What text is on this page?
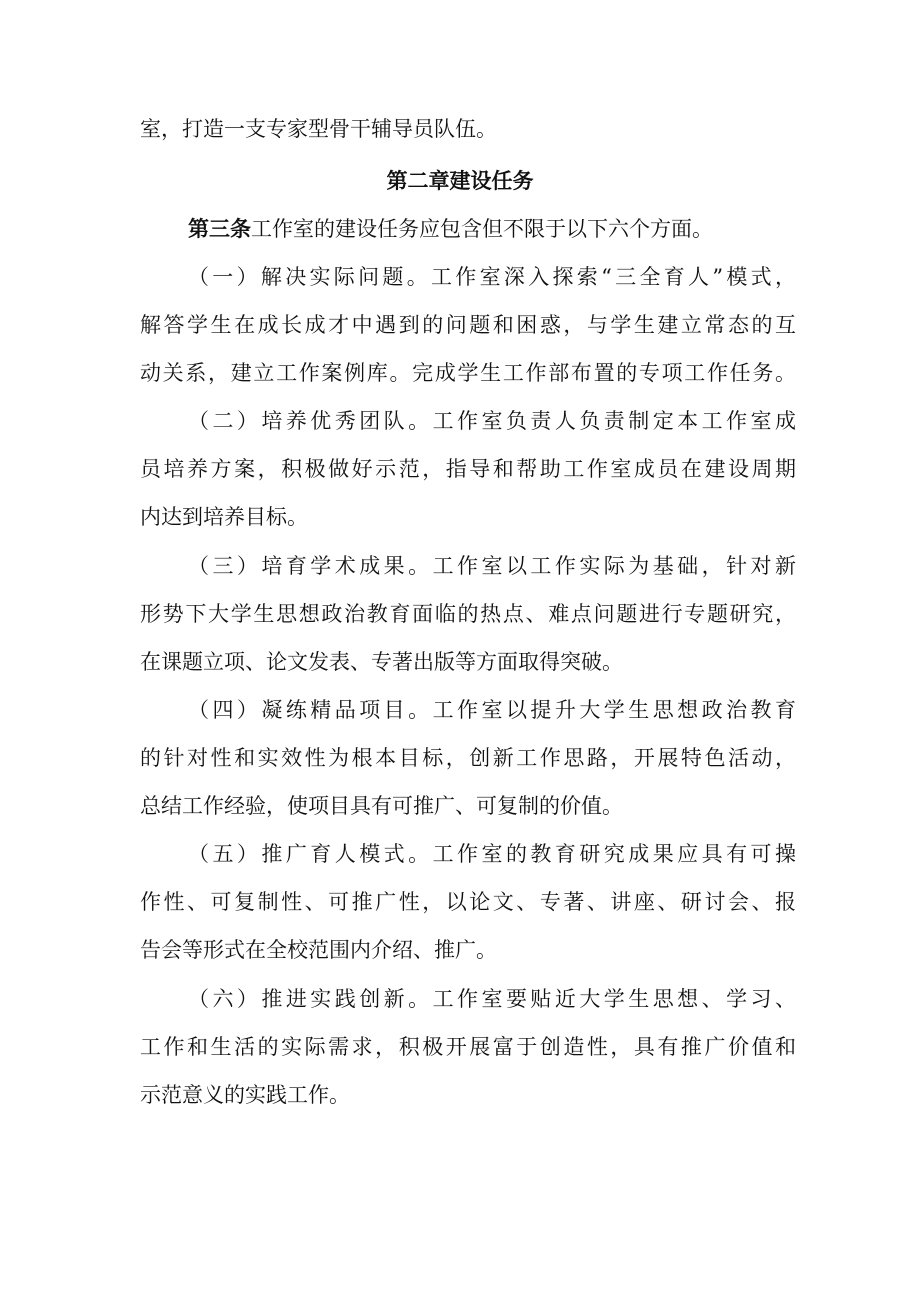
室，打造一支专家型骨干辅导员队伍。
第二章建设任务
第三条工作室的建设任务应包含但不限于以下六个方面。
（一）解决实际问题。工作室深入探索“三全育人”模式，
解答学生在成长成才中遇到的问题和困惑，与学生建立常态的互
动关系，建立工作案例库。完成学生工作部布置的专项工作任务。
（二）培养优秀团队。工作室负责人负责制定本工作室成
员培养方案，积极做好示范，指导和帮助工作室成员在建设周期
内达到培养目标。
（三）培育学术成果。工作室以工作实际为基础，针对新
形势下大学生思想政治教育面临的热点、难点问题进行专题研究，
在课题立项、论文发表、专著出版等方面取得突破。
（四）凝练精品项目。工作室以提升大学生思想政治教育
的针对性和实效性为根本目标，创新工作思路，开展特色活动，
总结工作经验，使项目具有可推广、可复制的价值。
（五）推广育人模式。工作室的教育研究成果应具有可操
作性、可复制性、可推广性，以论文、专著、讲座、研讨会、报
告会等形式在全校范围内介绍、推广。
（六）推进实践创新。工作室要贴近大学生思想、学习、
工作和生活的实际需求，积极开展富于创造性，具有推广价值和
示范意义的实践工作。
